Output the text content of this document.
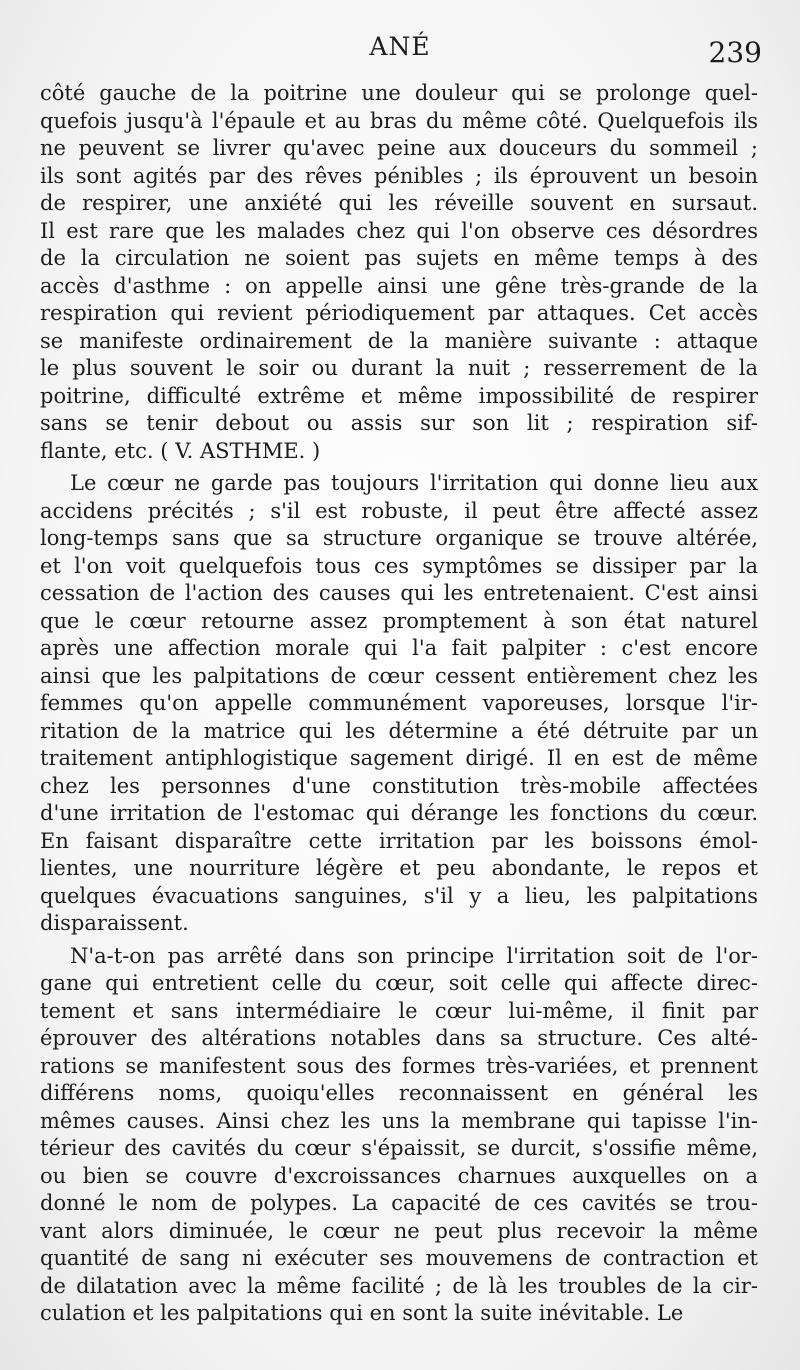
ANÉ	239
côté gauche de la poitrine une douleur qui se prolonge quel-
quefois jusqu'à l'épaule et au bras du même côté. Quelquefois ils
ne peuvent se livrer qu'avec peine aux douceurs du sommeil ;
ils sont agités par des rêves pénibles ; ils éprouvent un besoin
de respirer, une anxiété qui les réveille souvent en sursaut.
Il est rare que les malades chez qui l'on observe ces désordres
de la circulation ne soient pas sujets en même temps à des
accès d'asthme : on appelle ainsi une gêne très-grande de la
respiration qui revient périodiquement par attaques. Cet accès
se manifeste ordinairement de la manière suivante : attaque
le plus souvent le soir ou durant la nuit ; resserrement de la
poitrine, difficulté extrême et même impossibilité de respirer
sans se tenir debout ou assis sur son lit ; respiration sif-
flante, etc. ( V. ASTHME. )
Le cœur ne garde pas toujours l'irritation qui donne lieu aux
accidens précités ; s'il est robuste, il peut être affecté assez
long-temps sans que sa structure organique se trouve altérée,
et l'on voit quelquefois tous ces symptômes se dissiper par la
cessation de l'action des causes qui les entretenaient. C'est ainsi
que le cœur retourne assez promptement à son état naturel
après une affection morale qui l'a fait palpiter : c'est encore
ainsi que les palpitations de cœur cessent entièrement chez les
femmes qu'on appelle communément vaporeuses, lorsque l'ir-
ritation de la matrice qui les détermine a été détruite par un
traitement antiphlogistique sagement dirigé. Il en est de même
chez les personnes d'une constitution très-mobile affectées
d'une irritation de l'estomac qui dérange les fonctions du cœur.
En faisant disparaître cette irritation par les boissons émol-
lientes, une nourriture légère et peu abondante, le repos et
quelques évacuations sanguines, s'il y a lieu, les palpitations
disparaissent.
N'a-t-on pas arrêté dans son principe l'irritation soit de l'or-
gane qui entretient celle du cœur, soit celle qui affecte direc-
tement et sans intermédiaire le cœur lui-même, il finit par
éprouver des altérations notables dans sa structure. Ces alté-
rations se manifestent sous des formes très-variées, et prennent
différens noms, quoiqu'elles reconnaissent en général les
mêmes causes. Ainsi chez les uns la membrane qui tapisse l'in-
térieur des cavités du cœur s'épaissit, se durcit, s'ossifie même,
ou bien se couvre d'excroissances charnues auxquelles on a
donné le nom de polypes. La capacité de ces cavités se trou-
vant alors diminuée, le cœur ne peut plus recevoir la même
quantité de sang ni exécuter ses mouvemens de contraction et
de dilatation avec la même facilité ; de là les troubles de la cir-
culation et les palpitations qui en sont la suite inévitable. Le
